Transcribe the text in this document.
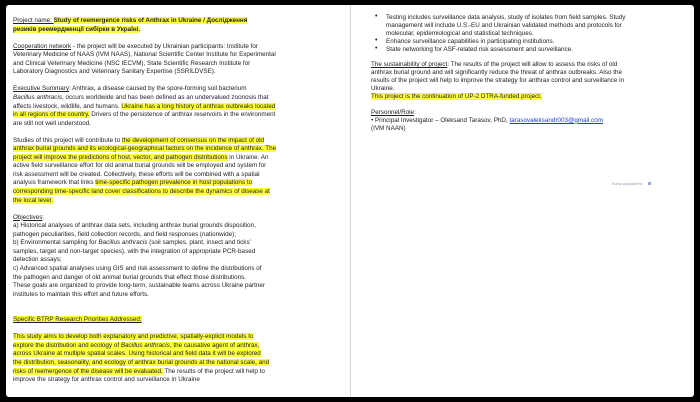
Project name: Study of reemergence risks of Anthrax in Ukraine / Дослідження
ризиків реемердженції сибірки в Україні.
Cooperation network - the project will be executed by Ukrainian participants: Institute for
Veterinary Medicine of NAAS (IVM NAAS), National Scientific Center Institute for Experimental
and Clinical Veterinary Medicine (NSC IECVM), State Scientific Research Institute for
Laboratory Diagnostics and Veterinary Sanitary Expertise (SSRILDVSE).
Executive Summary: Anthrax, a disease caused by the spore-forming soil bacterium
Bacillus anthracis, occurs worldwide and has been defined as an undervalued zoonosis that
affects livestock, wildlife, and humans. Ukraine has a long history of anthrax outbreaks located
in all regions of the country. Drivers of the persistence of anthrax reservoirs in the environment
are still not well understood.
Studies of this project will contribute to the development of consensus on the impact of old
anthrax burial grounds and its ecological-geographical factors on the incidence of anthrax. The
project will improve the predictions of host, vector, and pathogen distributions in Ukraine. An
active field surveillance effort for old animal burial grounds will be employed and system for
risk assessment will be created. Collectively, these efforts will be combined with a spatial
analysis framework that links time-specific pathogen prevalence in host populations to
corresponding time-specific land cover classifications to describe the dynamics of disease at
the local level.
Objectives:
a) Historical analyses of anthrax data sets, including anthrax burial grounds disposition,
pathogen peculiarities, field collection records, and field responses (nationwide);
b) Environmental sampling for Bacillus anthracis (soil samples, plant, insect and ticks'
samples, target and non-target species), with the integration of appropriate PCR-based
detection assays;
c) Advanced spatial analyses using GIS and risk assessment to define the distributions of
the pathogen and danger of old animal burial grounds that effect those distributions.
These goals are organized to provide long-term, sustainable teams across Ukraine partner
institutes to maintain this effort and future efforts.
Specific BTRP Research Priorities Addressed:
This study aims to develop both explanatory and predictive, spatially-explicit models to
explore the distribution and ecology of Bacillus anthracis, the causative agent of anthrax,
across Ukraine at multiple spatial scales. Using historical and field data it will be explored
the distribution, seasonality, and ecology of anthrax burial grounds at the national scale, and
risks of reemergence of the disease will be evaluated. The results of the project will help to
improve the strategy for anthrax control and surveillance in Ukraine
•
•
•
Копія документа
Testing includes surveillance data analysis, study of isolates from field samples. Study
management will include U.S.-EU and Ukrainian validated methods and protocols for
molecular, epidemiological and statistical techniques.
Enhance surveillance capabilities in participating institutions.
State networking for ASF-related risk assessment and surveillance.
The sustainability of project: The results of the project will allow to assess the risks of old
anthrax burial ground and will significantly reduce the threat of anthrax outbreaks. Also the
results of the project will help to improve the strategy for anthrax control and surveillance in
Ukraine.
This project is the continuation of UP-2 DTRA-funded project.
Personnel/Role:
• Principal Investigator – Oleksand Tarasov, PhD, tarasovaleksandr003@gmail.com
(IVM NAAN)
